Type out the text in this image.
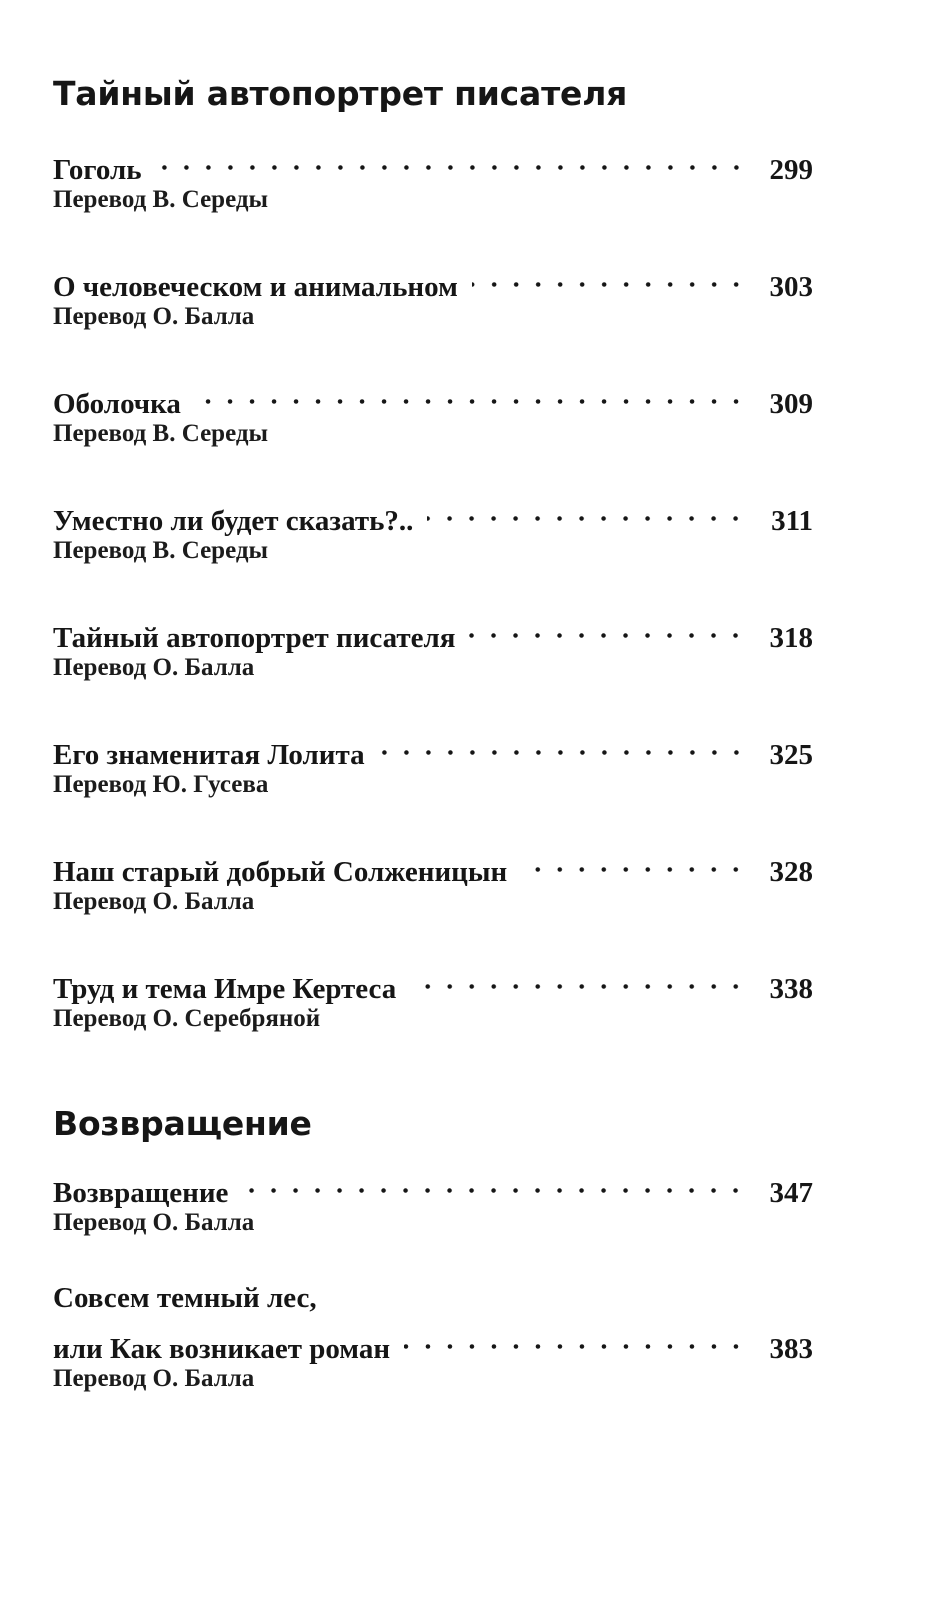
Тайный автопортрет писателя
Гоголь	299
Перевод В. Середы
О человеческом и анимальном	303
Перевод О. Балла
Оболочка	309
Перевод В. Середы
Уместно ли будет сказать?..	311
Перевод В. Середы
Тайный автопортрет писателя	318
Перевод О. Балла
Его знаменитая Лолита	325
Перевод Ю. Гусева
Наш старый добрый Солженицын	328
Перевод О. Балла
Труд и тема Имре Кертеса	338
Перевод О. Серебряной
Возвращение
Возвращение	347
Перевод О. Балла
Совсем темный лес,
или Как возникает роман	383
Перевод О. Балла
